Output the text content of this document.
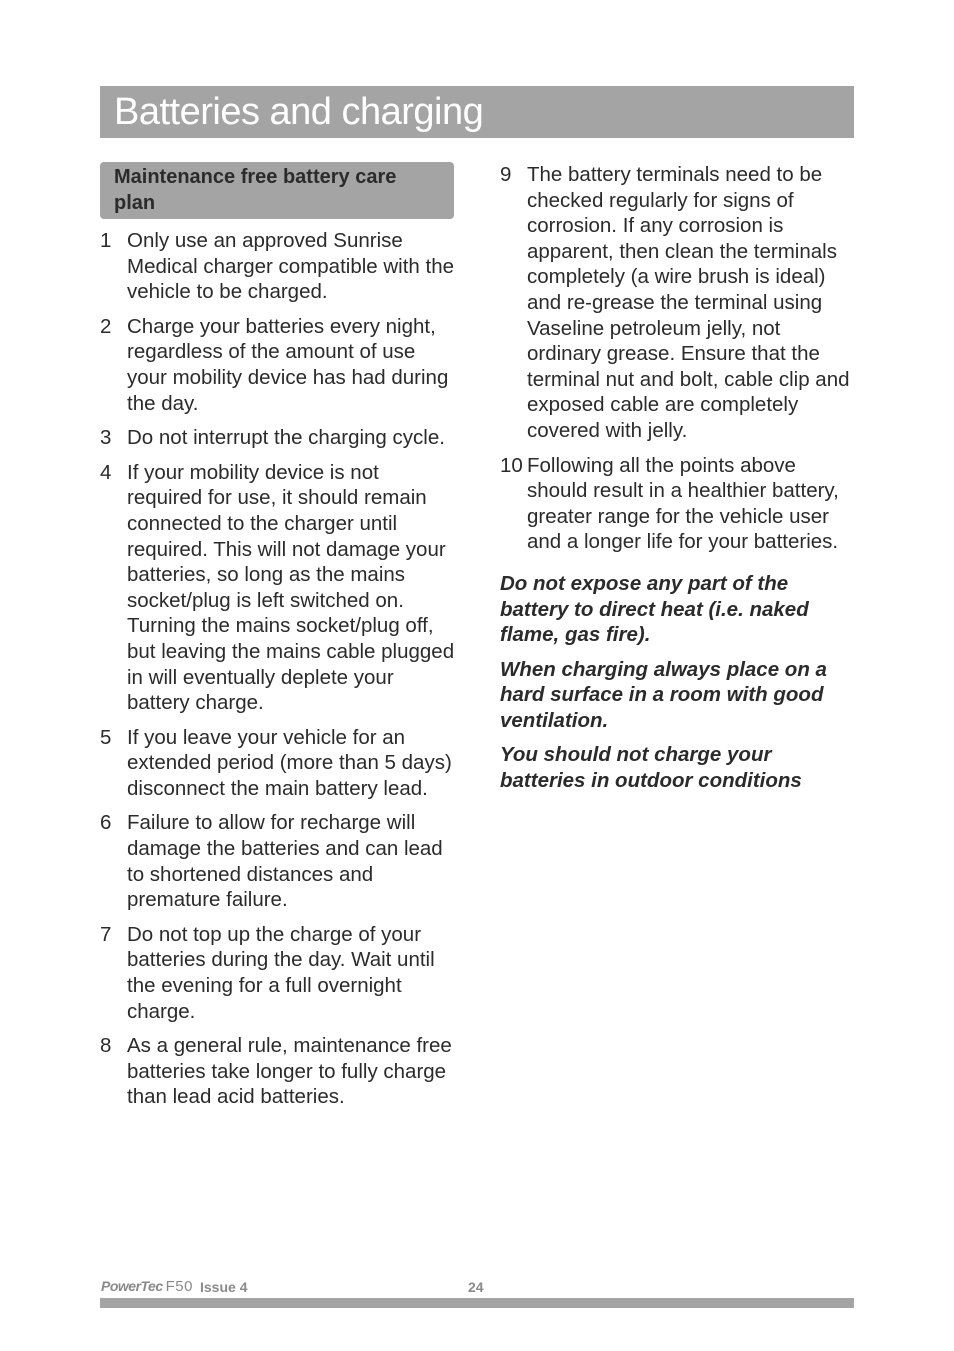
Batteries and charging
Maintenance free battery care plan
1 Only use an approved Sunrise Medical charger compatible with the vehicle to be charged.
2 Charge your batteries every night, regardless of the amount of use your mobility device has had during the day.
3 Do not interrupt the charging cycle.
4 If your mobility device is not required for use, it should remain connected to the charger until required. This will not damage your batteries, so long as the mains socket/plug is left switched on. Turning the mains socket/plug off, but leaving the mains cable plugged in will eventually deplete your battery charge.
5 If you leave your vehicle for an extended period (more than 5 days) disconnect the main battery lead.
6 Failure to allow for recharge will damage the batteries and can lead to shortened distances and premature failure.
7 Do not top up the charge of your batteries during the day. Wait until the evening for a full overnight charge.
8 As a general rule, maintenance free batteries take longer to fully charge than lead acid batteries.
9 The battery terminals need to be checked regularly for signs of corrosion. If any corrosion is apparent, then clean the terminals completely (a wire brush is ideal) and re-grease the terminal using Vaseline petroleum jelly, not ordinary grease. Ensure that the terminal nut and bolt, cable clip and exposed cable are completely covered with jelly.
10 Following all the points above should result in a healthier battery, greater range for the vehicle user and a longer life for your batteries.

Do not expose any part of the battery to direct heat (i.e. naked flame, gas fire).

When charging always place on a hard surface in a room with good ventilation.

You should not charge your batteries in outdoor conditions

PowerTec F50 Issue 4	24
